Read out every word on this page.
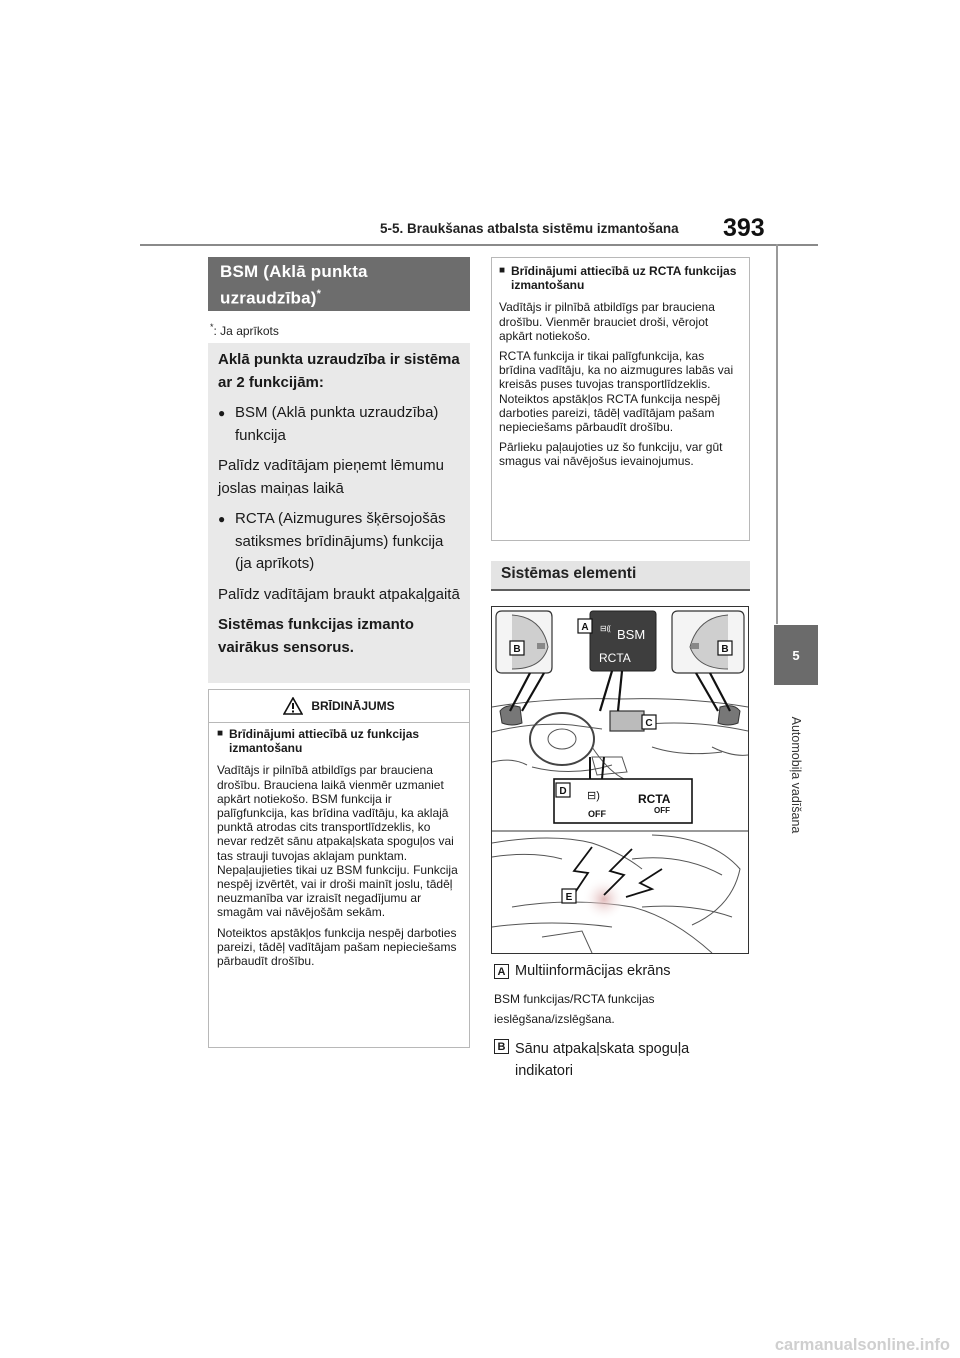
5-5. Braukšanas atbalsta sistēmu izmantošana	393
5
Automobiļa vadīšana
BSM (Aklā punkta uzraudzība)*
*: Ja aprīkots

Aklā punkta uzraudzība ir sistēma ar 2 funkcijām:

● BSM (Aklā punkta uzraudzība) funkcija

Palīdz vadītājam pieņemt lēmumu joslas maiņas laikā

● RCTA (Aizmugures šķērsojošās satiksmes brīdinājums) funkcija (ja aprīkots)

Palīdz vadītājam braukt atpakaļgaitā

Sistēmas funkcijas izmanto vairākus sensorus.

BRĪDINĀJUMS

■ Brīdinājumi attiecībā uz funkcijas izmantošanu

Vadītājs ir pilnībā atbildīgs par brauciena drošību. Brauciena laikā vienmēr uzmaniet apkārt notiekošo. BSM funkcija ir palīgfunkcija, kas brīdina vadītāju, ka aklajā punktā atrodas cits transportlīdzeklis, ko nevar redzēt sānu atpakaļskata spoguļos vai tas strauji tuvojas aklajam punktam. Nepaļaujieties tikai uz BSM funkciju. Funkcija nespēj izvērtēt, vai ir droši mainīt joslu, tādēļ neuzmanība var izraisīt negadījumu ar smagām vai nāvējošām sekām.

Noteiktos apstākļos funkcija nespēj darboties pareizi, tādēļ vadītājam pašam nepieciešams pārbaudīt drošību.

■ Brīdinājumi attiecībā uz RCTA funkcijas izmantošanu

Vadītājs ir pilnībā atbildīgs par brauciena drošību. Vienmēr brauciet droši, vērojot apkārt notiekošo.

RCTA funkcija ir tikai palīgfunkcija, kas brīdina vadītāju, ka no aizmugures labās vai kreisās puses tuvojas transportlīdzeklis. Noteiktos apstākļos RCTA funkcija nespēj darboties pareizi, tādēļ vadītājam pašam nepieciešams pārbaudīt drošību.

Pārlieku paļaujoties uz šo funkciju, var gūt smagus vai nāvējošus ievainojumus.

Sistēmas elementi
⊟⸨ BSM
RCTA
⊟)
OFF
RCTA
OFF
A
B	B
C
D
E
A Multiinformācijas ekrāns
BSM funkcijas/RCTA funkcijas ieslēgšana/izslēgšana.
B Sānu atpakaļskata spoguļa indikatori
carmanualsonline.info
